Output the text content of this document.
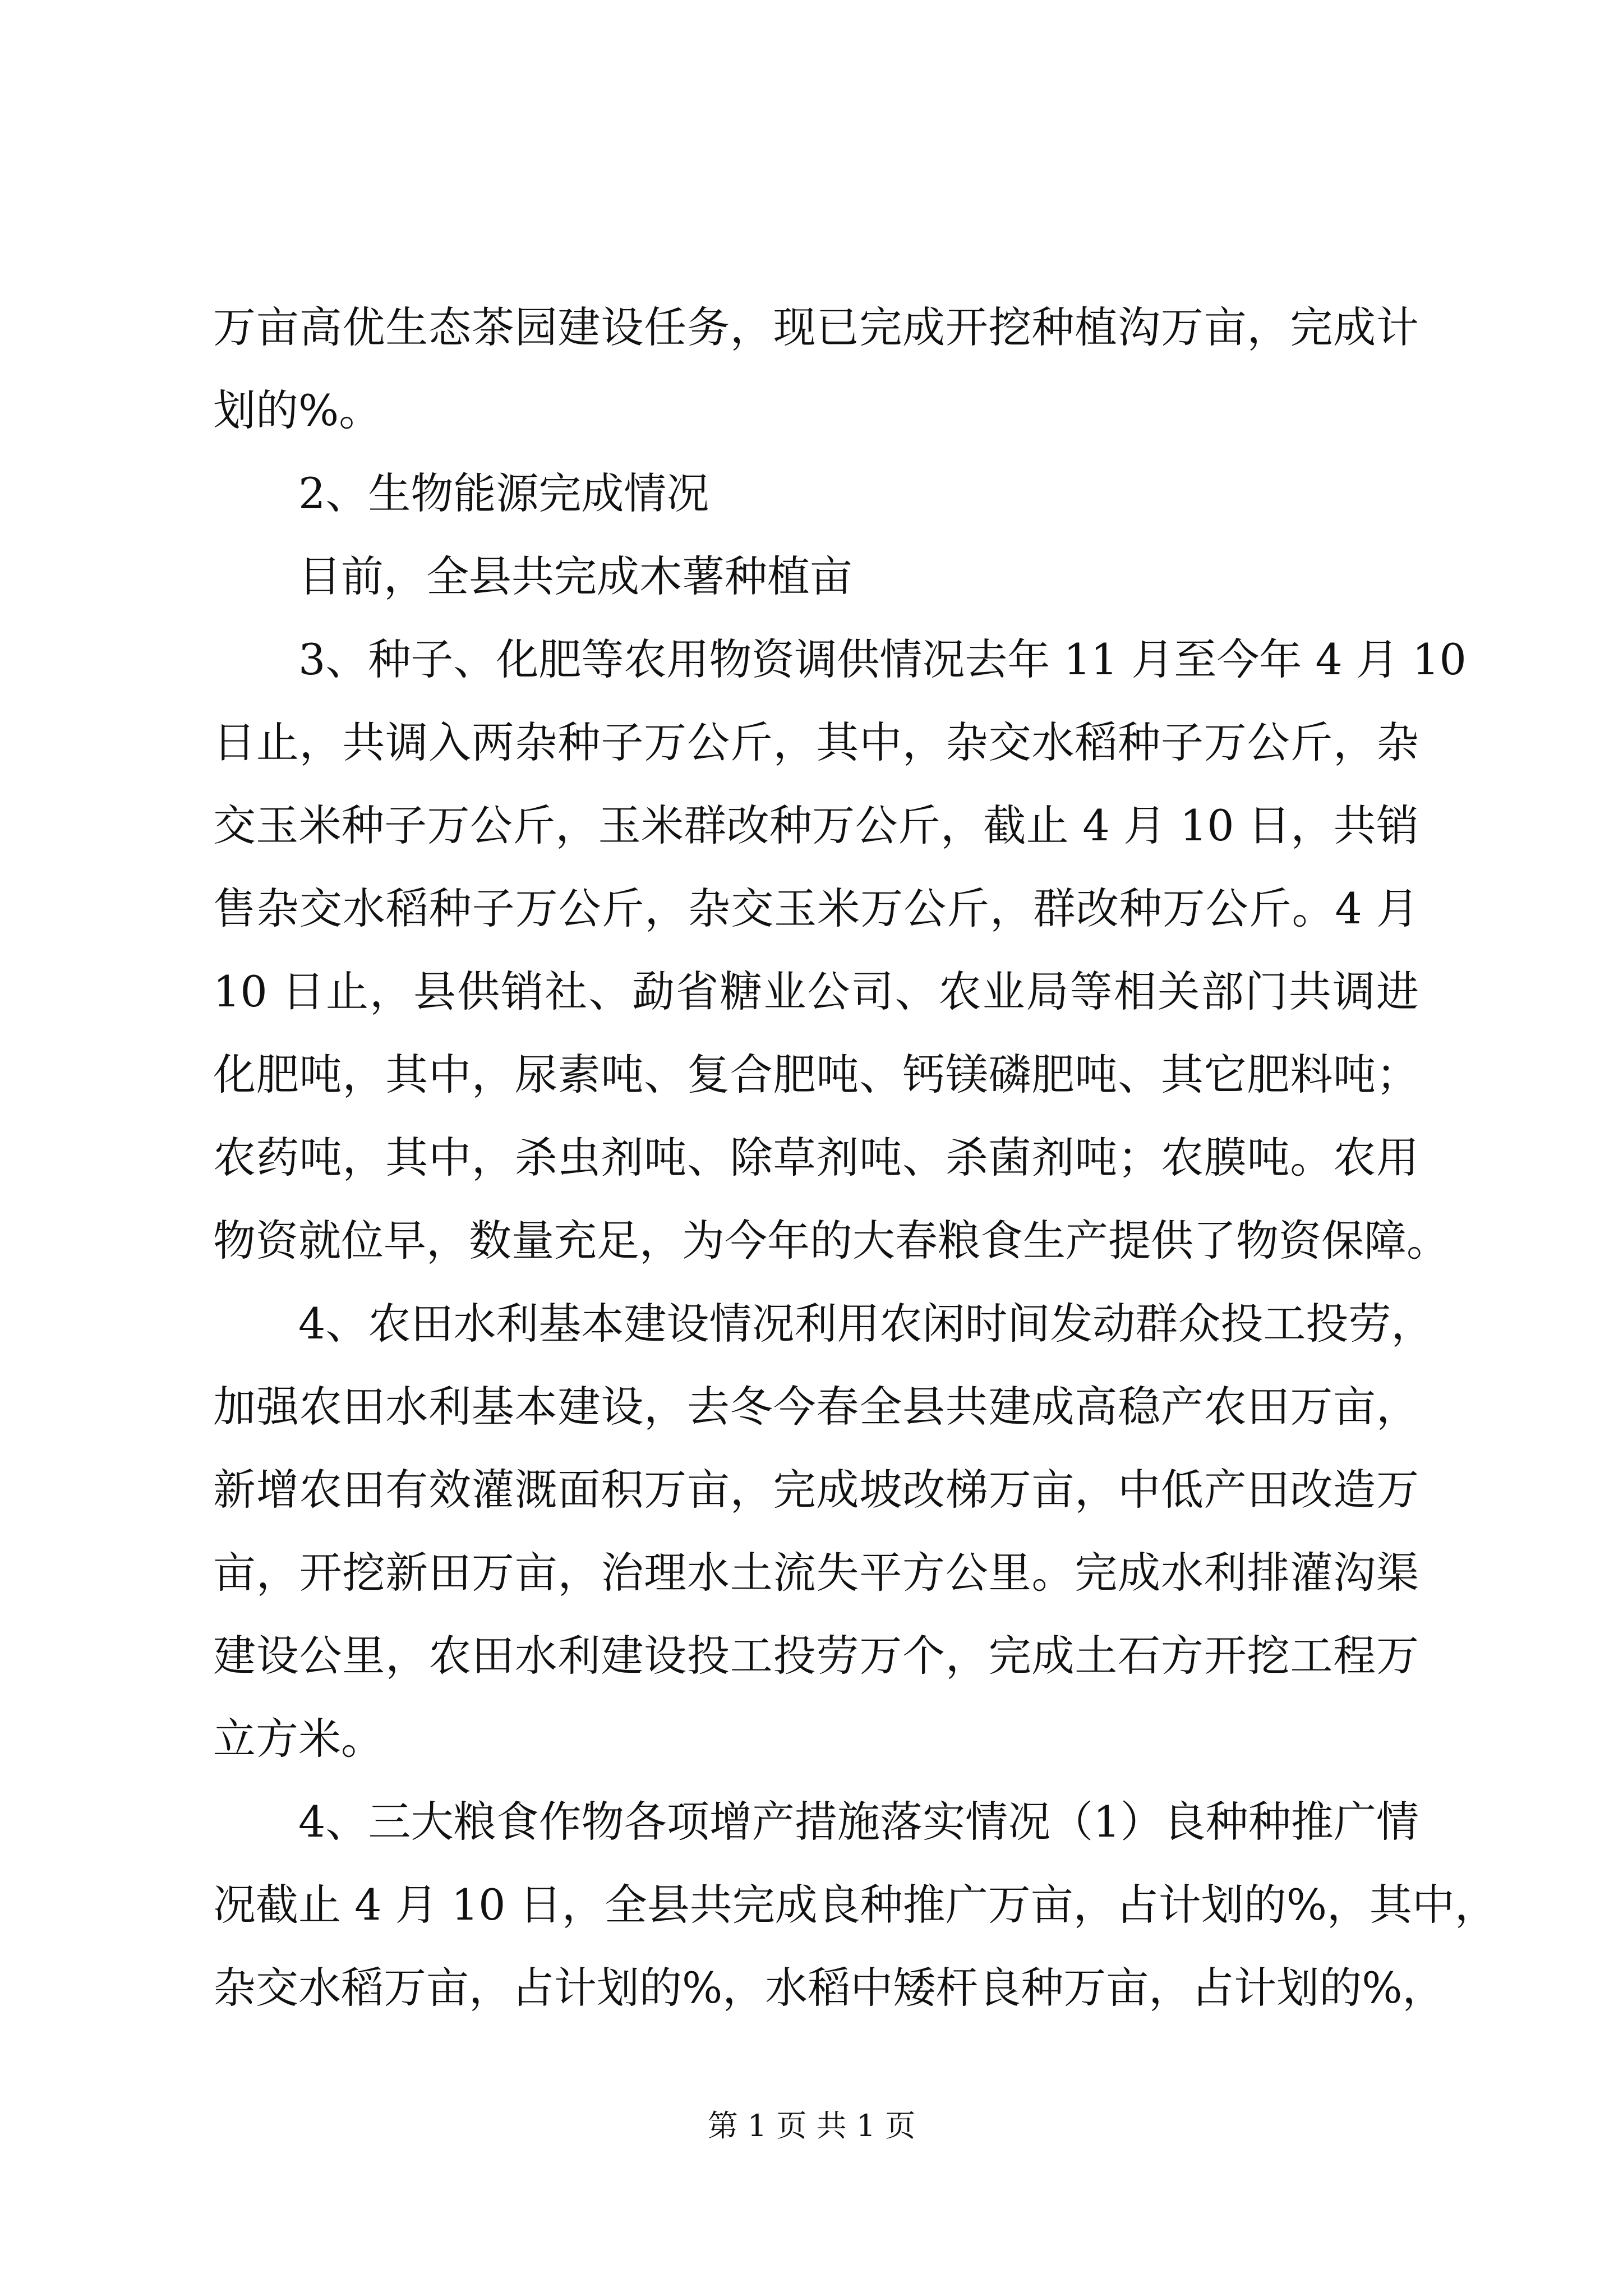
万亩高优生态茶园建设任务，现已完成开挖种植沟万亩，完成计
划的%。
2、生物能源完成情况
目前，全县共完成木薯种植亩
3、种子、化肥等农用物资调供情况去年 11 月至今年 4 月 10
日止，共调入两杂种子万公斤，其中，杂交水稻种子万公斤，杂
交玉米种子万公斤，玉米群改种万公斤，截止 4 月 10 日，共销
售杂交水稻种子万公斤，杂交玉米万公斤，群改种万公斤。4 月
10 日止，县供销社、勐省糖业公司、农业局等相关部门共调进
化肥吨，其中，尿素吨、复合肥吨、钙镁磷肥吨、其它肥料吨；
农药吨，其中，杀虫剂吨、除草剂吨、杀菌剂吨；农膜吨。农用
物资就位早，数量充足，为今年的大春粮食生产提供了物资保障。
4、农田水利基本建设情况利用农闲时间发动群众投工投劳，
加强农田水利基本建设，去冬今春全县共建成高稳产农田万亩，
新增农田有效灌溉面积万亩，完成坡改梯万亩，中低产田改造万
亩，开挖新田万亩，治理水土流失平方公里。完成水利排灌沟渠
建设公里，农田水利建设投工投劳万个，完成土石方开挖工程万
立方米。
4、三大粮食作物各项增产措施落实情况（1）良种种推广情
况截止 4 月 10 日，全县共完成良种推广万亩，占计划的%，其中，
杂交水稻万亩，占计划的%，水稻中矮杆良种万亩，占计划的%，
第 1 页 共 1 页
